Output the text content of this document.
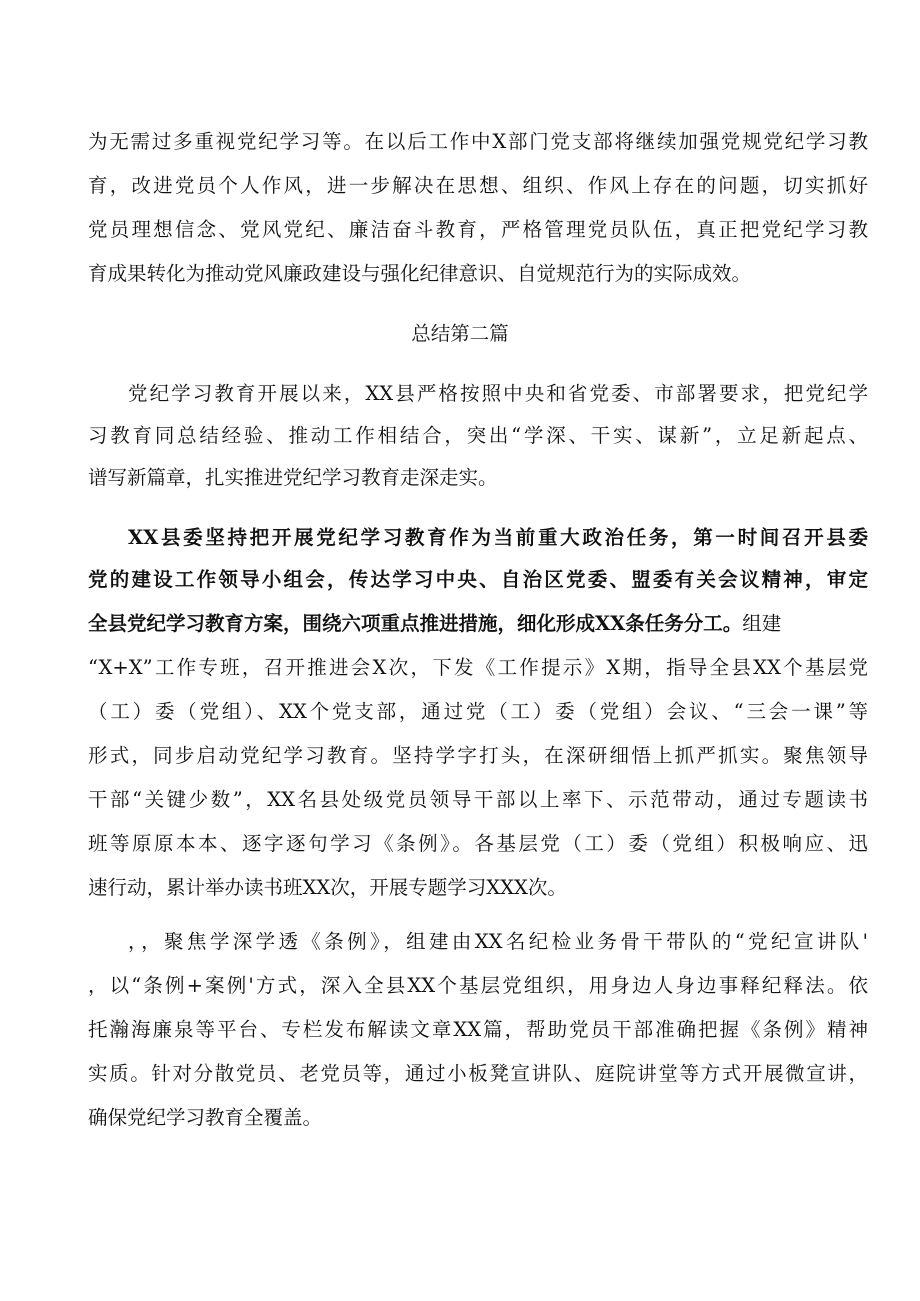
为无需过多重视党纪学习等。在以后工作中X部门党支部将继续加强党规党纪学习教
育，改进党员个人作风，进一步解决在思想、组织、作风上存在的问题，切实抓好
党员理想信念、党风党纪、廉洁奋斗教育，严格管理党员队伍，真正把党纪学习教
育成果转化为推动党风廉政建设与强化纪律意识、自觉规范行为的实际成效。
总结第二篇
党纪学习教育开展以来，XX县严格按照中央和省党委、市部署要求，把党纪学
习教育同总结经验、推动工作相结合，突出“学深、干实、谋新”，立足新起点、
谱写新篇章，扎实推进党纪学习教育走深走实。
XX县委坚持把开展党纪学习教育作为当前重大政治任务，第一时间召开县委
党的建设工作领导小组会，传达学习中央、自治区党委、盟委有关会议精神，审定
全县党纪学习教育方案，围绕六项重点推进措施，细化形成XX条任务分工。组建
“X+X”工作专班，召开推进会X次，下发《工作提示》X期，指导全县XX个基层党
（工）委（党组）、XX个党支部，通过党（工）委（党组）会议、“三会一课”等
形式，同步启动党纪学习教育。坚持学字打头，在深研细悟上抓严抓实。聚焦领导
干部“关键少数”，XX名县处级党员领导干部以上率下、示范带动，通过专题读书
班等原原本本、逐字逐句学习《条例》。各基层党（工）委（党组）积极响应、迅
速行动，累计举办读书班XX次，开展专题学习XXX次。
，，聚焦学深学透《条例》，组建由XX名纪检业务骨干带队的“党纪宣讲队'
，以“条例+案例'方式，深入全县XX个基层党组织，用身边人身边事释纪释法。依
托瀚海廉泉等平台、专栏发布解读文章XX篇，帮助党员干部准确把握《条例》精神
实质。针对分散党员、老党员等，通过小板凳宣讲队、庭院讲堂等方式开展微宣讲，
确保党纪学习教育全覆盖。
